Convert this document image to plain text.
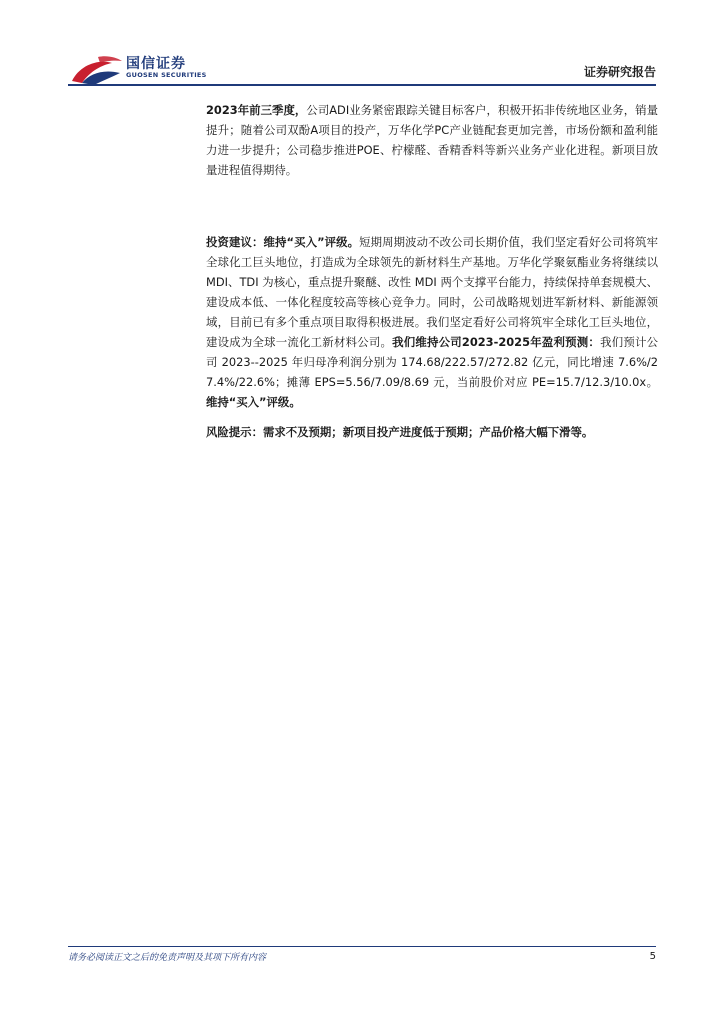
国信证券
GUOSEN SECURITIES	证券研究报告

2023年前三季度，公司ADI业务紧密跟踪关键目标客户，积极开拓非传统地区业务，销量提升；随着公司双酚A项目的投产，万华化学PC产业链配套更加完善，市场份额和盈利能力进一步提升；公司稳步推进POE、柠檬醛、香精香料等新兴业务产业化进程。新项目放量进程值得期待。

投资建议：维持“买入”评级。短期周期波动不改公司长期价值，我们坚定看好公司将筑牢全球化工巨头地位，打造成为全球领先的新材料生产基地。万华化学聚氨酯业务将继续以 MDI、TDI 为核心，重点提升聚醚、改性 MDI 两个支撑平台能力，持续保持单套规模大、建设成本低、一体化程度较高等核心竞争力。同时，公司战略规划进军新材料、新能源领域，目前已有多个重点项目取得积极进展。我们坚定看好公司将筑牢全球化工巨头地位，建设成为全球一流化工新材料公司。我们维持公司2023-2025年盈利预测：我们预计公司 2023--2025 年归母净利润分别为 174.68/222.57/272.82 亿元，同比增速 7.6%/27.4%/22.6%；摊薄 EPS=5.56/7.09/8.69 元，当前股价对应 PE=15.7/12.3/10.0x。维持“买入”评级。

风险提示：需求不及预期；新项目投产进度低于预期；产品价格大幅下滑等。

请务必阅读正文之后的免责声明及其项下所有内容	5
